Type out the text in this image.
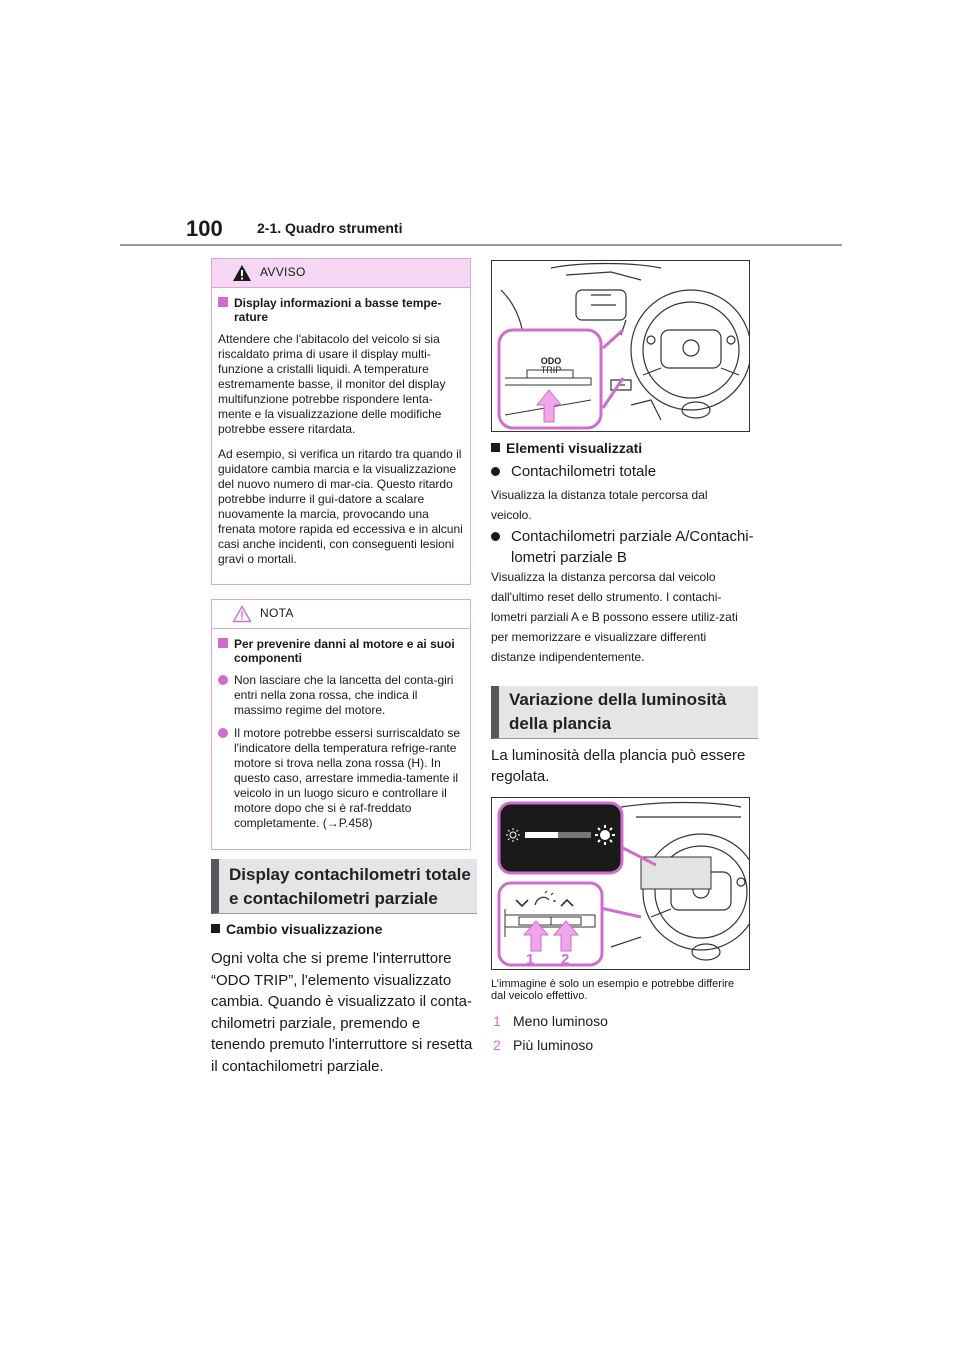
100 2-1. Quadro strumenti
AVVISO
Display informazioni a basse tempe-rature
Attendere che l'abitacolo del veicolo si sia riscaldato prima di usare il display multi-funzione a cristalli liquidi. A temperature estremamente basse, il monitor del display multifunzione potrebbe rispondere lenta-mente e la visualizzazione delle modifiche potrebbe essere ritardata.
Ad esempio, si verifica un ritardo tra quando il guidatore cambia marcia e la visualizzazione del nuovo numero di mar-cia. Questo ritardo potrebbe indurre il gui-datore a scalare nuovamente la marcia, provocando una frenata motore rapida ed eccessiva e in alcuni casi anche incidenti, con conseguenti lesioni gravi o mortali.
NOTA
Per prevenire danni al motore e ai suoi componenti
Non lasciare che la lancetta del conta-giri entri nella zona rossa, che indica il massimo regime del motore.
Il motore potrebbe essersi surriscaldato se l'indicatore della temperatura refrige-rante motore si trova nella zona rossa (H). In questo caso, arrestare immedia-tamente il veicolo in un luogo sicuro e controllare il motore dopo che si è raf-freddato completamente. (→P.458)
Display contachilometri totale e contachilometri parziale
Cambio visualizzazione
Ogni volta che si preme l'interruttore “ODO TRIP”, l'elemento visualizzato cambia. Quando è visualizzato il conta-chilometri parziale, premendo e tenendo premuto l'interruttore si resetta il contachilometri parziale.
ODO
TRIP
Elementi visualizzati
Contachilometri totale
Visualizza la distanza totale percorsa dal veicolo.
Contachilometri parziale A/Contachi-lometri parziale B
Visualizza la distanza percorsa dal veicolo dall'ultimo reset dello strumento. I contachi-lometri parziali A e B possono essere utiliz-zati per memorizzare e visualizzare differenti distanze indipendentemente.
Variazione della luminosità della plancia
La luminosità della plancia può essere regolata.
1 2
L’immagine è solo un esempio e potrebbe differire dal veicolo effettivo.
1 Meno luminoso
2 Più luminoso
